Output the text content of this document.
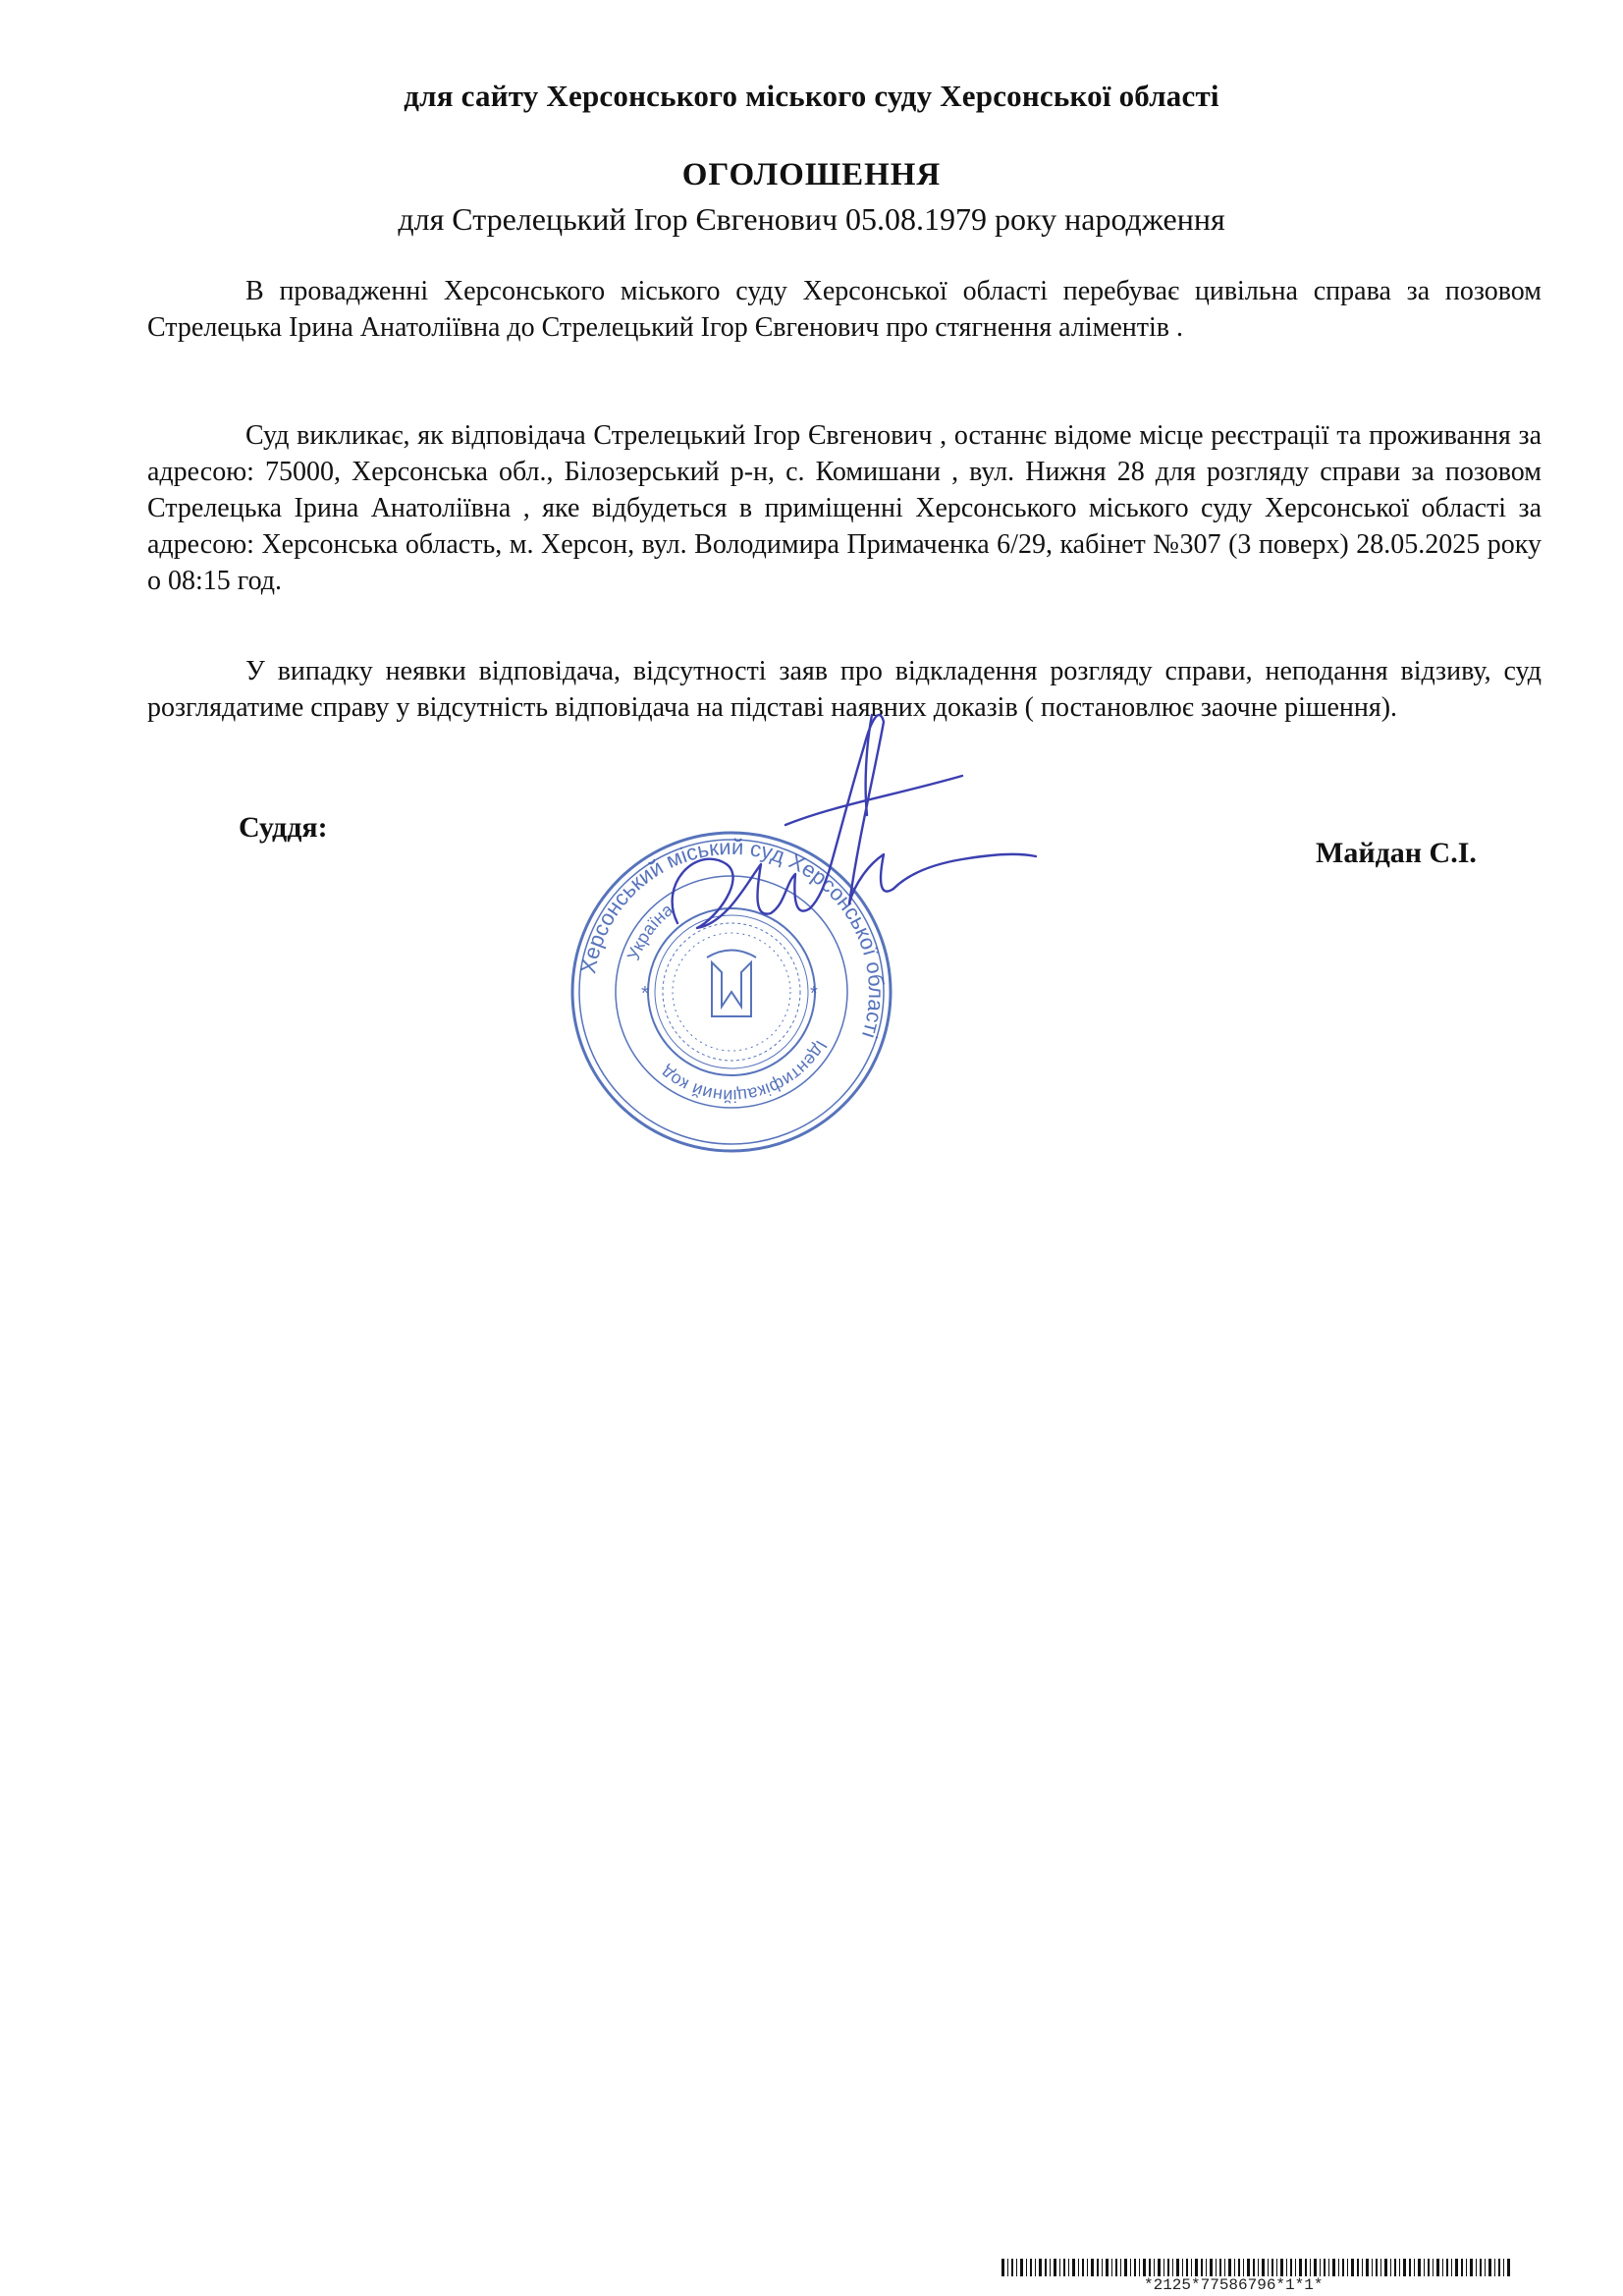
для сайту Херсонського міського суду Херсонської області
ОГОЛОШЕННЯ
для Стрелецький Ігор Євгенович 05.08.1979 року народження

В провадженні Херсонського міського суду Херсонської області перебуває цивільна справа за позовом Стрелецька Ірина Анатоліївна до Стрелецький Ігор Євгенович про стягнення аліментів .

Суд викликає, як відповідача Стрелецький Ігор Євгенович , останнє відоме місце реєстрації та проживання за адресою: 75000, Херсонська обл., Білозерський р-н, с. Комишани , вул. Нижня 28 для розгляду справи за позовом Стрелецька Ірина Анатоліївна , яке відбудеться в приміщенні Херсонського міського суду Херсонської області за адресою: Херсонська область, м. Херсон, вул. Володимира Примаченка 6/29, кабінет №307 (3 поверх) 28.05.2025 року о 08:15 год.

У випадку неявки відповідача, відсутності заяв про відкладення розгляду справи, неподання відзиву, суд розглядатиме справу у відсутність відповідача на підставі наявних доказів ( постановлює заочне рішення).

Суддя:
Майдан С.І.
Херсонський міський суд Херсонської області
Ідентифікаційний код
Україна
*	*
*2125*77586796*1*1*
